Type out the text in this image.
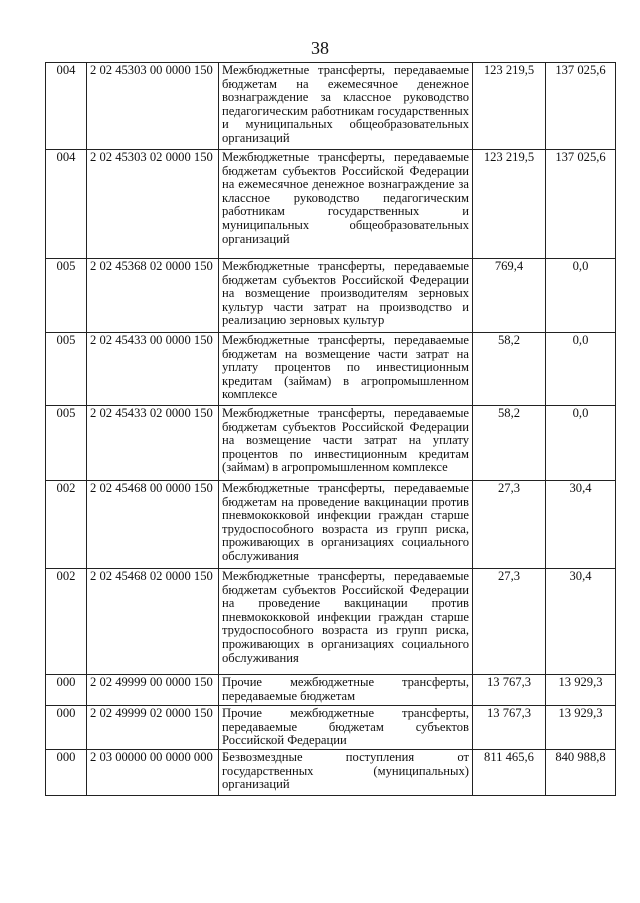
38
004	2 02 45303 00 0000 150	Межбюджетные трансферты, передаваемые бюджетам на ежемесячное денежное вознаграждение за классное руководство педагогическим работникам государственных и муниципальных общеобразовательных организаций	123 219,5	137 025,6
004	2 02 45303 02 0000 150	Межбюджетные трансферты, передаваемые бюджетам субъектов Российской Федерации на ежемесячное денежное вознаграждение за классное руководство педагогическим работникам государственных и муниципальных общеобразовательных организаций	123 219,5	137 025,6
005	2 02 45368 02 0000 150	Межбюджетные трансферты, передаваемые бюджетам субъектов Российской Федерации на возмещение производителям зерновых культур части затрат на производство и реализацию зерновых культур	769,4	0,0
005	2 02 45433 00 0000 150	Межбюджетные трансферты, передаваемые бюджетам на возмещение части затрат на уплату процентов по инвестиционным кредитам (займам) в агропромышленном комплексе	58,2	0,0
005	2 02 45433 02 0000 150	Межбюджетные трансферты, передаваемые бюджетам субъектов Российской Федерации на возмещение части затрат на уплату процентов по инвестиционным кредитам (займам) в агропромышленном комплексе	58,2	0,0
002	2 02 45468 00 0000 150	Межбюджетные трансферты, передаваемые бюджетам на проведение вакцинации против пневмококковой инфекции граждан старше трудоспособного возраста из групп риска, проживающих в организациях социального обслуживания	27,3	30,4
002	2 02 45468 02 0000 150	Межбюджетные трансферты, передаваемые бюджетам субъектов Российской Федерации на проведение вакцинации против пневмококковой инфекции граждан старше трудоспособного возраста из групп риска, проживающих в организациях социального обслуживания	27,3	30,4
000	2 02 49999 00 0000 150	Прочие межбюджетные трансферты, передаваемые бюджетам	13 767,3	13 929,3
000	2 02 49999 02 0000 150	Прочие межбюджетные трансферты, передаваемые бюджетам субъектов Российской Федерации	13 767,3	13 929,3
000	2 03 00000 00 0000 000	Безвозмездные поступления от государственных (муниципальных) организаций	811 465,6	840 988,8
